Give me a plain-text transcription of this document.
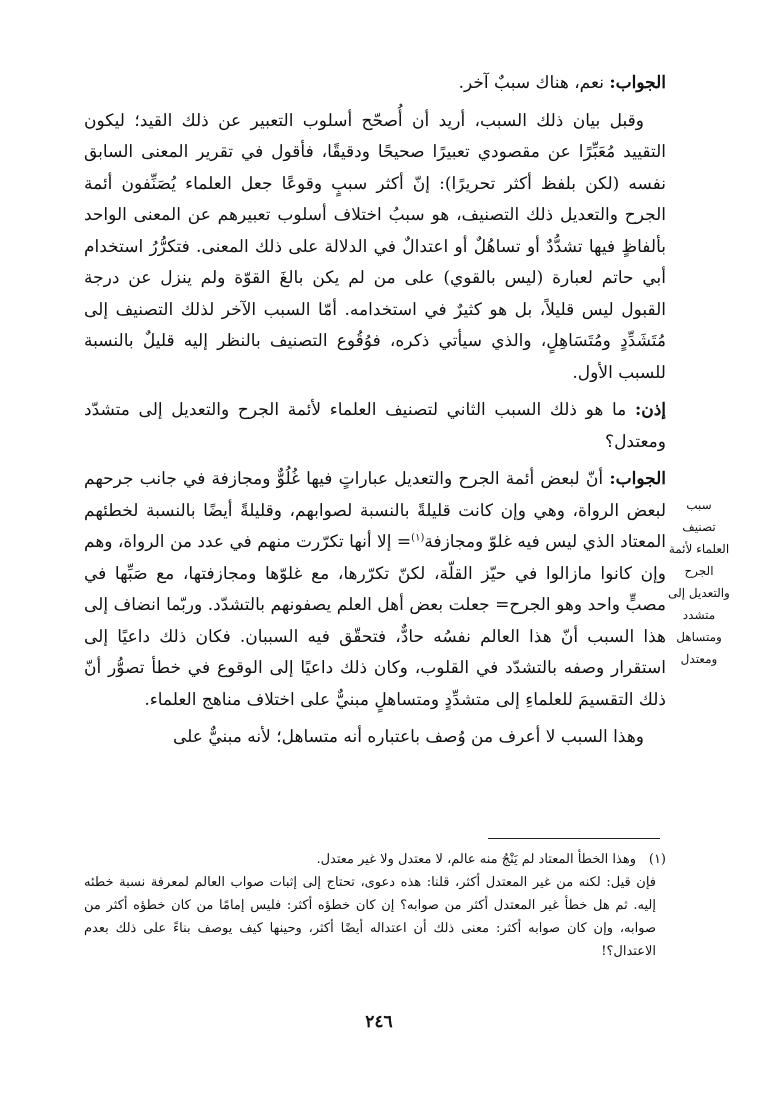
الجواب: نعم، هناك سببٌ آخر.

وقبل بيان ذلك السبب، أريد أن أُصحّح أسلوب التعبير عن ذلك القيد؛ ليكون التقييد مُعَبِّرًا عن مقصودي تعبيرًا صحيحًا ودقيقًا، فأقول في تقرير المعنى السابق نفسه (لكن بلفظ أكثر تحريرًا): إنّ أكثر سببٍ وقوعًا جعل العلماء يُصَنِّفون أئمة الجرح والتعديل ذلك التصنيف، هو سببُ اختلاف أسلوب تعبيرهم عن المعنى الواحد بألفاظٍ فيها تشدُّدٌ أو تساهُلٌ أو اعتدالٌ في الدلالة على ذلك المعنى. فتكرُّرُ استخدام أبي حاتم لعبارة (ليس بالقوي) على من لم يكن بالغَ القوّة ولم ينزل عن درجة القبول ليس قليلاً، بل هو كثيرٌ في استخدامه. أمّا السبب الآخر لذلك التصنيف إلى مُتَشَدِّدٍ ومُتَسَاهِلٍ، والذي سيأتي ذكره، فوُقُوع التصنيف بالنظر إليه قليلٌ بالنسبة للسبب الأول.

إذن: ما هو ذلك السبب الثاني لتصنيف العلماء لأئمة الجرح والتعديل إلى متشدّد ومعتدل؟

الجواب: أنّ لبعض أئمة الجرح والتعديل عباراتٍ فيها غُلُوٌّ ومجازفة في جانب جرحهم لبعض الرواة، وهي وإن كانت قليلةً بالنسبة لصوابهم، وقليلةً أيضًا بالنسبة لخطئهم المعتاد الذي ليس فيه غلوّ ومجازفة$^{(١)}$= إلا أنها تكرّرت منهم في عدد من الرواة، وهم وإن كانوا مازالوا في حيّز القلّة، لكنّ تكرّرها، مع غلوّها ومجازفتها، مع صَبِّها في مصبٍّ واحد وهو الجرح= جعلت بعض أهل العلم يصفونهم بالتشدّد. وربّما انضاف إلى هذا السبب أنّ هذا العالم نفسُه حادٌّ، فتحقّق فيه السببان. فكان ذلك داعيًا إلى استقرار وصفه بالتشدّد في القلوب، وكان ذلك داعيًا إلى الوقوع في خطأ تصوُّر أنّ ذلك التقسيمَ للعلماءِ إلى متشدِّدٍ ومتساهلٍ مبنيٌّ على اختلاف مناهج العلماء.

وهذا السبب لا أعرف من وُصف باعتباره أنه متساهل؛ لأنه مبنيٌّ على

سبب
تصنيف
العلماء لأئمة
الجرح
والتعديل إلى
متشدد
ومتساهل
ومعتدل

(١)وهذا الخطأ المعتاد لم يَنْجُ منه عالم، لا معتدل ولا غير معتدل.

فإن قيل: لكنه من غير المعتدل أكثر، قلنا: هذه دعوى، تحتاج إلى إثبات صواب العالم لمعرفة نسبة خطئه إليه. ثم هل خطأ غير المعتدل أكثر من صوابه؟ إن كان خطؤه أكثر: فليس إمامًا من كان خطؤه أكثر من صوابه، وإن كان صوابه أكثر: معنى ذلك أن اعتداله أيضًا أكثر، وحينها كيف يوصف بناءً على ذلك بعدم الاعتدال؟!

٢٤٦
